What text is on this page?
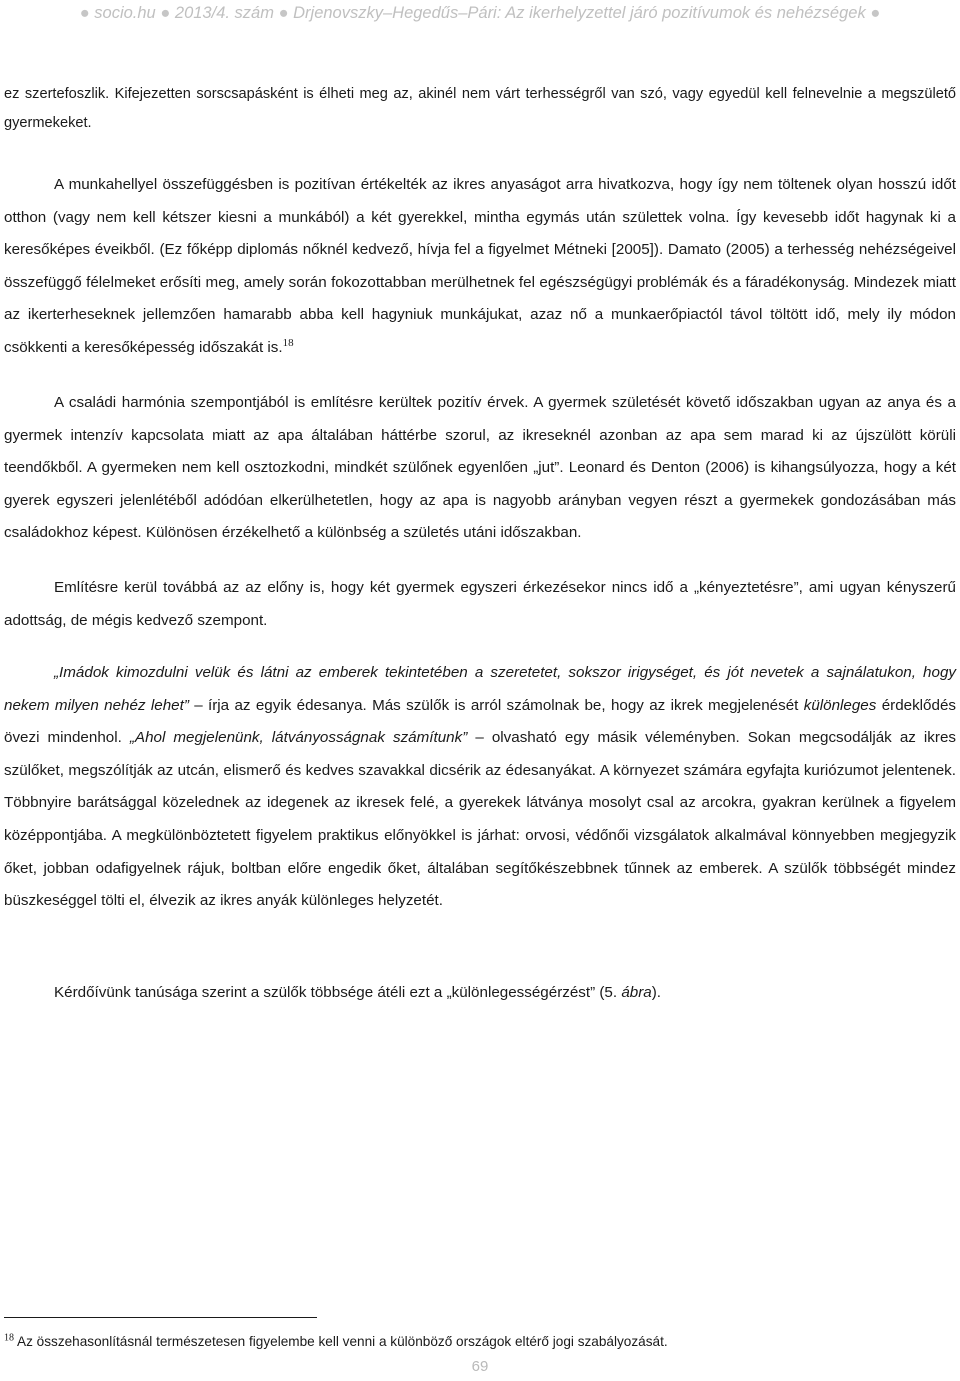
● socio.hu ● 2013/4. szám ● Drjenovszky–Hegedűs–Pári: Az ikerhelyzettel járó pozitívumok és nehézségek ●

ez szertefoszlik. Kifejezetten sorscsapásként is élheti meg az, akinél nem várt terhességről van szó, vagy egyedül kell felnevelnie a megszülető gyermekeket.

A munkahellyel összefüggésben is pozitívan értékelték az ikres anyaságot arra hivatkozva, hogy így nem töltenek olyan hosszú időt otthon (vagy nem kell kétszer kiesni a munkából) a két gyerekkel, mintha egymás után születtek volna. Így kevesebb időt hagynak ki a keresőképes éveikből. (Ez főképp diplomás nőknél kedvező, hívja fel a figyelmet Métneki [2005]). Damato (2005) a terhesség nehézségeivel összefüggő félelmeket erősíti meg, amely során fokozottabban merülhetnek fel egészségügyi problémák és a fáradékonyság. Mindezek miatt az ikerterheseknek jellemzően hamarabb abba kell hagyniuk munkájukat, azaz nő a munkaerőpiactól távol töltött idő, mely ily módon csökkenti a keresőképesség időszakát is.$^{18}$

A családi harmónia szempontjából is említésre kerültek pozitív érvek. A gyermek születését követő időszakban ugyan az anya és a gyermek intenzív kapcsolata miatt az apa általában háttérbe szorul, az ikreseknél azonban az apa sem marad ki az újszülött körüli teendőkből. A gyermeken nem kell osztozkodni, mindkét szülőnek egyenlően „jut”. Leonard és Denton (2006) is kihangsúlyozza, hogy a két gyerek egyszeri jelenlétéből adódóan elkerülhetetlen, hogy az apa is nagyobb arányban vegyen részt a gyermekek gondozásában más családokhoz képest. Különösen érzékelhető a különbség a születés utáni időszakban.

Említésre kerül továbbá az az előny is, hogy két gyermek egyszeri érkezésekor nincs idő a „kényeztetésre”, ami ugyan kényszerű adottság, de mégis kedvező szempont.

„Imádok kimozdulni velük és látni az emberek tekintetében a szeretetet, sokszor irigységet, és jót nevetek a sajnálatukon, hogy nekem milyen nehéz lehet” – írja az egyik édesanya. Más szülők is arról számolnak be, hogy az ikrek megjelenését különleges érdeklődés övezi mindenhol. „Ahol megjelenünk, látványosságnak számítunk” – olvasható egy másik véleményben. Sokan megcsodálják az ikres szülőket, megszólítják az utcán, elismerő és kedves szavakkal dicsérik az édesanyákat. A környezet számára egyfajta kuriózumot jelentenek. Többnyire barátsággal közelednek az idegenek az ikresek felé, a gyerekek látványa mosolyt csal az arcokra, gyakran kerülnek a figyelem középpontjába. A megkülönböztetett figyelem praktikus előnyökkel is járhat: orvosi, védőnői vizsgálatok alkalmával könnyebben megjegyzik őket, jobban odafigyelnek rájuk, boltban előre engedik őket, általában segítőkészebbnek tűnnek az emberek. A szülők többségét mindez büszkeséggel tölti el, élvezik az ikres anyák különleges helyzetét.

Kérdőívünk tanúsága szerint a szülők többsége átéli ezt a „különlegességérzést” (5. ábra).

$^{18}$ Az összehasonlításnál természetesen figyelembe kell venni a különböző országok eltérő jogi szabályozását.
69
